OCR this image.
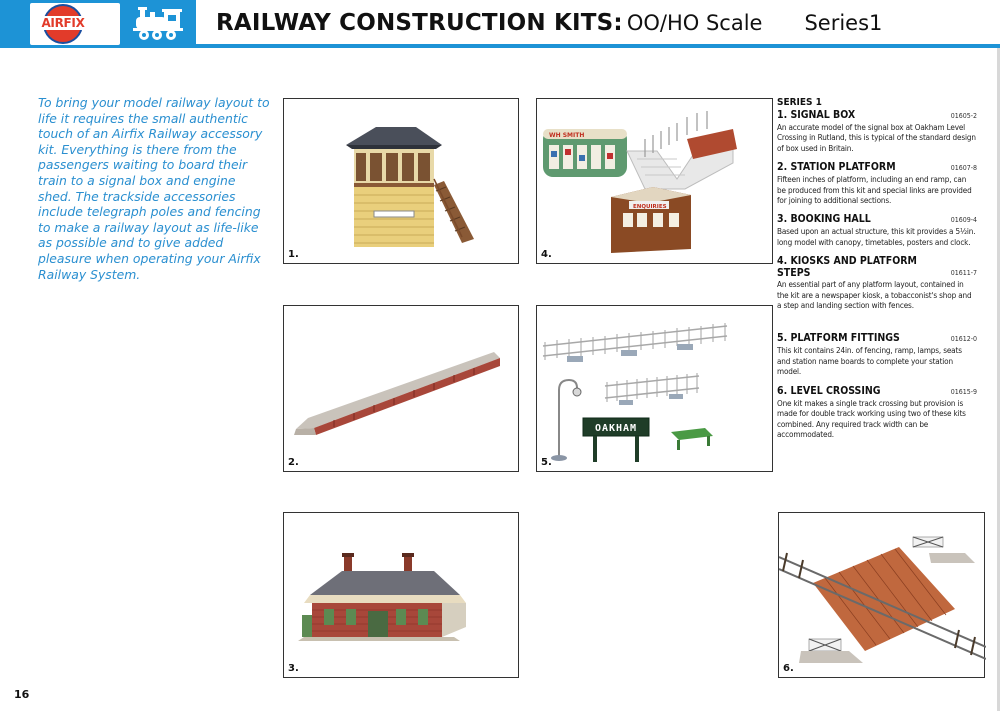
AIRFIX	RAILWAY CONSTRUCTION KITS: OO/HO Scale Series1
To bring your model railway layout to life it requires the small authentic touch of an Airfix Railway accessory kit. Everything is there from the passengers waiting to board their train to a signal box and engine shed. The trackside accessories include telegraph poles and fencing to make a railway layout as life-like as possible and to give added pleasure when operating your Airfix Railway System.
1.
2.
3.
WH SMITH
ENQUIRIES
4.
OAKHAM
5.
6.
SERIES 1
1. SIGNAL BOX	01605-2
An accurate model of the signal box at Oakham Level Crossing in Rutland, this is typical of the standard design of box used in Britain.
2. STATION PLATFORM	01607-8
Fifteen inches of platform, including an end ramp, can be produced from this kit and special links are provided for joining to additional sections.
3. BOOKING HALL	01609-4
Based upon an actual structure, this kit provides a 5½in. long model with canopy, timetables, posters and clock.
4. KIOSKS AND PLATFORM STEPS	01611-7
An essential part of any platform layout, contained in the kit are a newspaper kiosk, a tobacconist's shop and a step and landing section with fences.
5. PLATFORM FITTINGS	01612-0
This kit contains 24in. of fencing, ramp, lamps, seats and station name boards to complete your station model.
6. LEVEL CROSSING	01615-9
One kit makes a single track crossing but provision is made for double track working using two of these kits combined. Any required track width can be accommodated.
16
